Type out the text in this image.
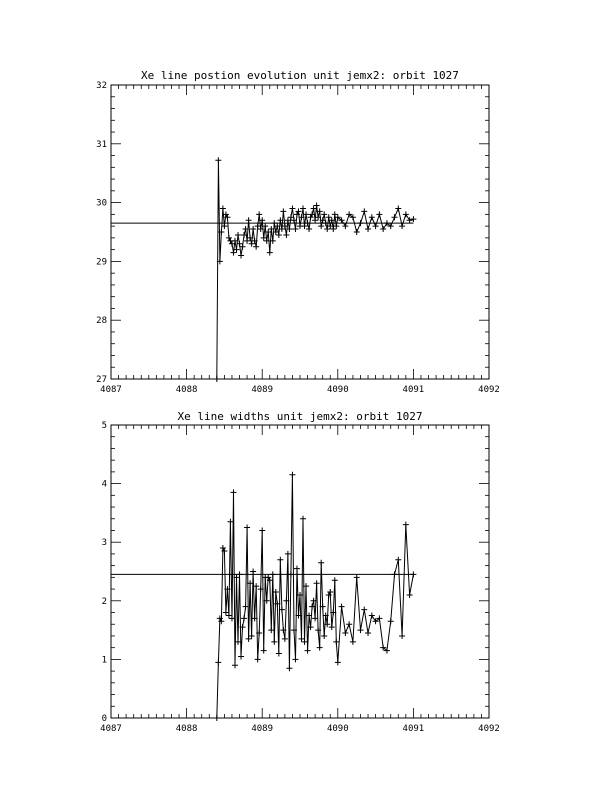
Xe line postion evolution unit jemx2: orbit 1027
4087	4088	4089	4090	4091	4092
27
28
29
30
31
32
Xe line widths unit jemx2: orbit 1027
4087	4088	4089	4090	4091	4092
0
1
2
3
4
5
